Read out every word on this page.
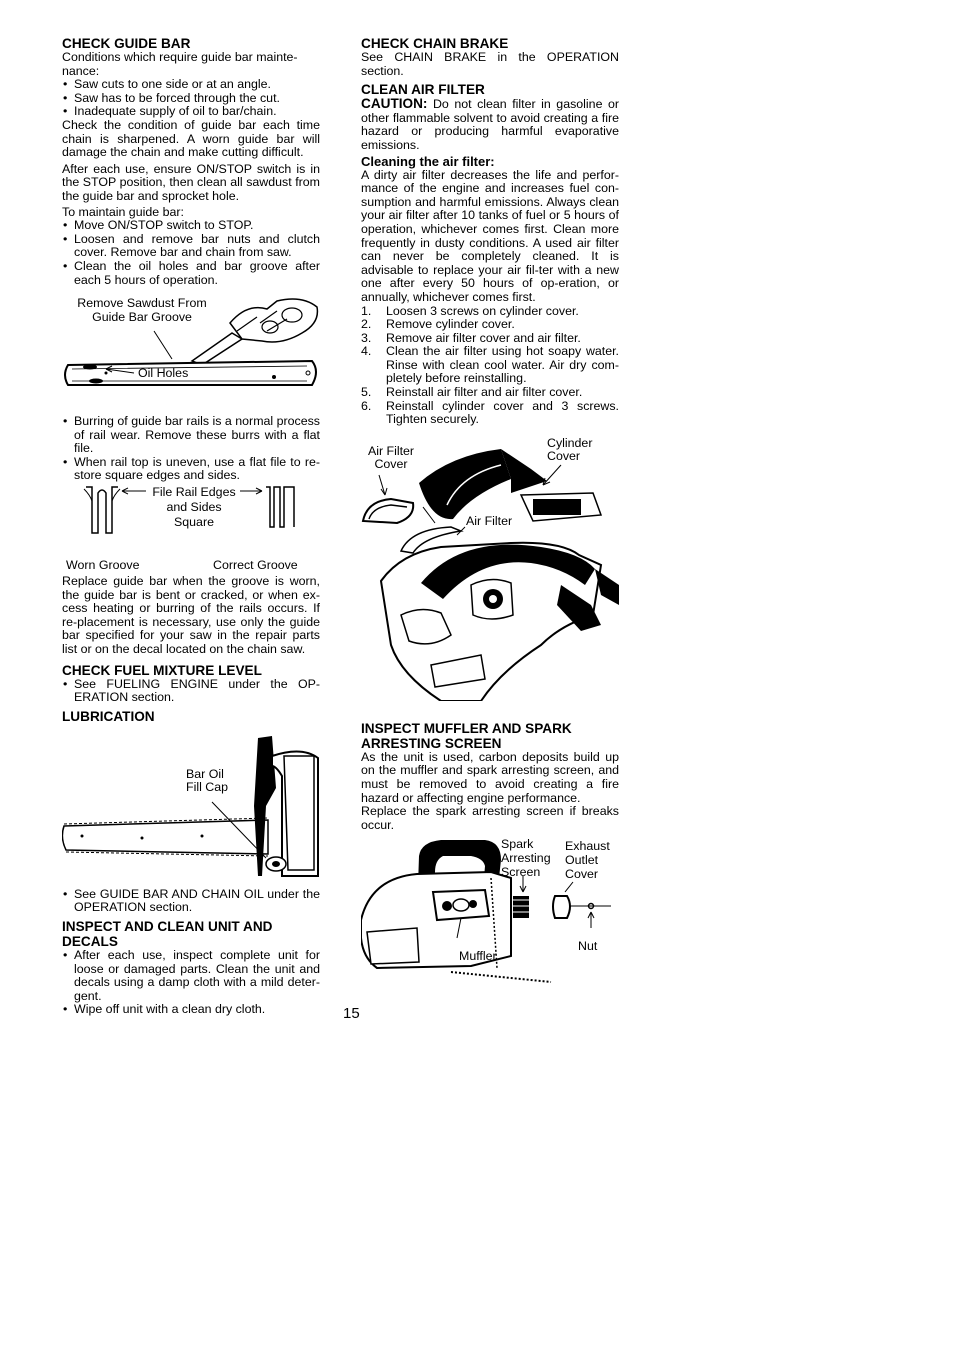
CHECK GUIDE BAR

Conditions which require guide bar mainte-nance:

• Saw cuts to one side or at an angle.
• Saw has to be forced through the cut.
• Inadequate supply of oil to bar/chain.

Check the condition of guide bar each time chain is sharpened. A worn guide bar will damage the chain and make cutting difficult.

After each use, ensure ON/STOP switch is in the STOP position, then clean all sawdust from the guide bar and sprocket hole.

To maintain guide bar:

• Move ON/STOP switch to STOP.
• Loosen and remove bar nuts and clutch cover. Remove bar and chain from saw.
• Clean the oil holes and bar groove after each 5 hours of operation.
Remove Sawdust From Guide Bar Groove
Oil Holes
• Burring of guide bar rails is a normal process of rail wear. Remove these burrs with a flat file.
• When rail top is uneven, use a flat file to re-store square edges and sides.
File Rail Edges and Sides Square
Worn Groove	Correct Groove

Replace guide bar when the groove is worn, the guide bar is bent or cracked, or when ex-cess heating or burring of the rails occurs. If re-placement is necessary, use only the guide bar specified for your saw in the repair parts list or on the decal located on the chain saw.

CHECK FUEL MIXTURE LEVEL
• See FUELING ENGINE under the OP-ERATION section.
LUBRICATION
Bar Oil Fill Cap
• See GUIDE BAR AND CHAIN OIL under the OPERATION section.
INSPECT AND CLEAN UNIT AND DECALS
• After each use, inspect complete unit for loose or damaged parts. Clean the unit and decals using a damp cloth with a mild deter-gent.
• Wipe off unit with a clean dry cloth.
CHECK CHAIN BRAKE

See CHAIN BRAKE in the OPERATION section.

CLEAN AIR FILTER

CAUTION: Do not clean filter in gasoline or other flammable solvent to avoid creating a fire hazard or producing harmful evaporative emissions.

Cleaning the air filter:

A dirty air filter decreases the life and perfor-mance of the engine and increases fuel con-sumption and harmful emissions. Always clean your air filter after 10 tanks of fuel or 5 hours of operation, whichever comes first. Clean more frequently in dusty conditions. A used air filter can never be completely cleaned. It is advisable to replace your air fil-ter with a new one after every 50 hours of op-eration, or annually, whichever comes first.

1. Loosen 3 screws on cylinder cover.
2. Remove cylinder cover.
3. Remove air filter cover and air filter.
4. Clean the air filter using hot soapy water. Rinse with clean cool water. Air dry com-pletely before reinstalling.
5. Reinstall air filter and air filter cover.
6. Reinstall cylinder cover and 3 screws. Tighten securely.
Air Filter Cover
Cylinder Cover
Air Filter
INSPECT MUFFLER AND SPARK ARRESTING SCREEN

As the unit is used, carbon deposits build up on the muffler and spark arresting screen, and must be removed to avoid creating a fire hazard or affecting engine performance.

Replace the spark arresting screen if breaks occur.

Spark Arresting Screen
Exhaust Outlet Cover
Muffler
Nut
15
